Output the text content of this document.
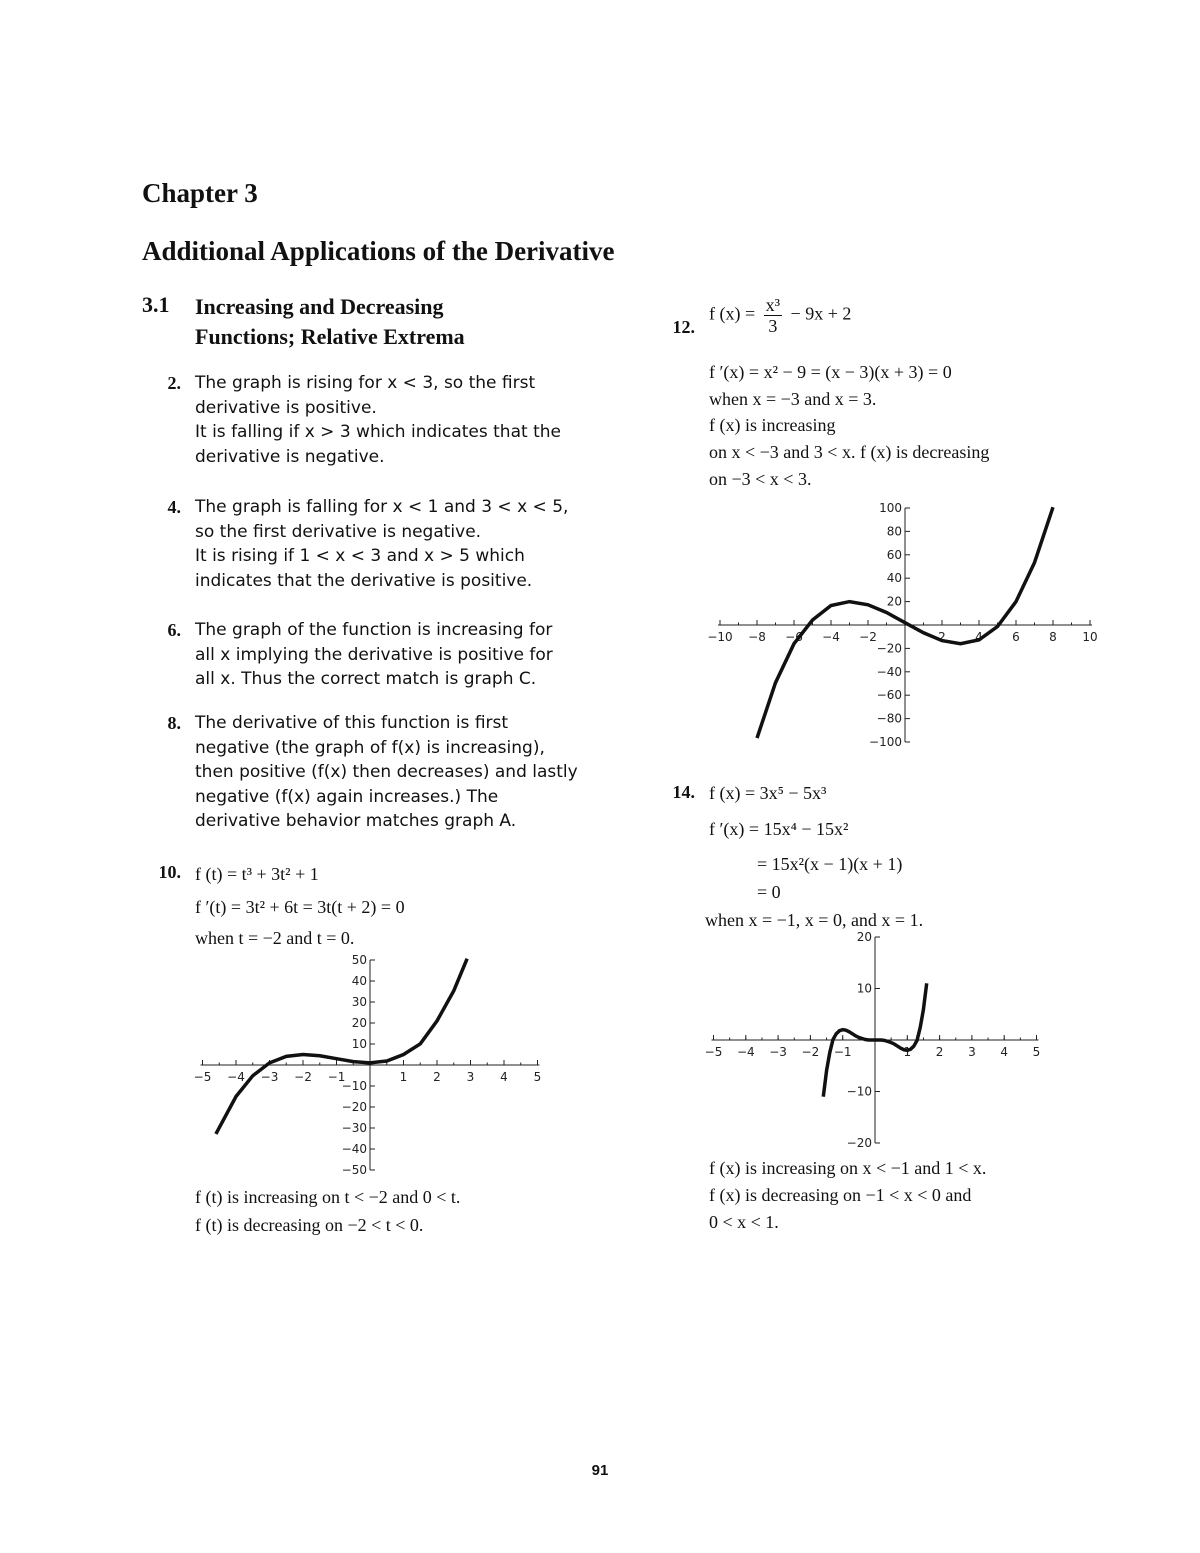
Chapter 3
Additional Applications of the Derivative
3.1 Increasing and Decreasing
Functions; Relative Extrema
2. The graph is rising for x < 3, so the first
derivative is positive.
It is falling if x > 3 which indicates that the
derivative is negative.
4. The graph is falling for x < 1 and 3 < x < 5,
so the first derivative is negative.
It is rising if 1 < x < 3 and x > 5 which
indicates that the derivative is positive.
6. The graph of the function is increasing for
all x implying the derivative is positive for
all x. Thus the correct match is graph C.
8. The derivative of this function is first
negative (the graph of f(x) is increasing),
then positive (f(x) then decreases) and lastly
negative (f(x) again increases.) The
derivative behavior matches graph A.
10. f (t) = t³ + 3t² + 1
f ′(t) = 3t² + 6t = 3t(t + 2) = 0
when t = −2 and t = 0.
−5 −4 −3 −2 −1	1 2 3 4 5
50
40
30
20
10
−10
−20
−30
−40
−50
f (t) is increasing on t < −2 and 0 < t.
f (t) is decreasing on −2 < t < 0.
12.
f $(x) = \frac{\text{x³}}{3} - 9x + 2$
f ′(x) = x² − 9 = (x − 3)(x + 3) = 0
when x = −3 and x = 3.
f (x) is increasing
on x < −3 and 3 < x. f (x) is decreasing
on −3 < x < 3.
−10 −8 −6 −4 −2	2 4 6 8 10
100
80
60
40
20
−20
−40
−60
−80
−100
14. f (x) = 3x⁵ − 5x³
f ′(x) = 15x⁴ − 15x²
= 15x²(x − 1)(x + 1)
= 0
when x = −1, x = 0, and x = 1.
−5 −4 −3 −2 −1	1 2 3 4 5
20
10
−10
−20
f (x) is increasing on x < −1 and 1 < x.
f (x) is decreasing on −1 < x < 0 and
0 < x < 1.
91
